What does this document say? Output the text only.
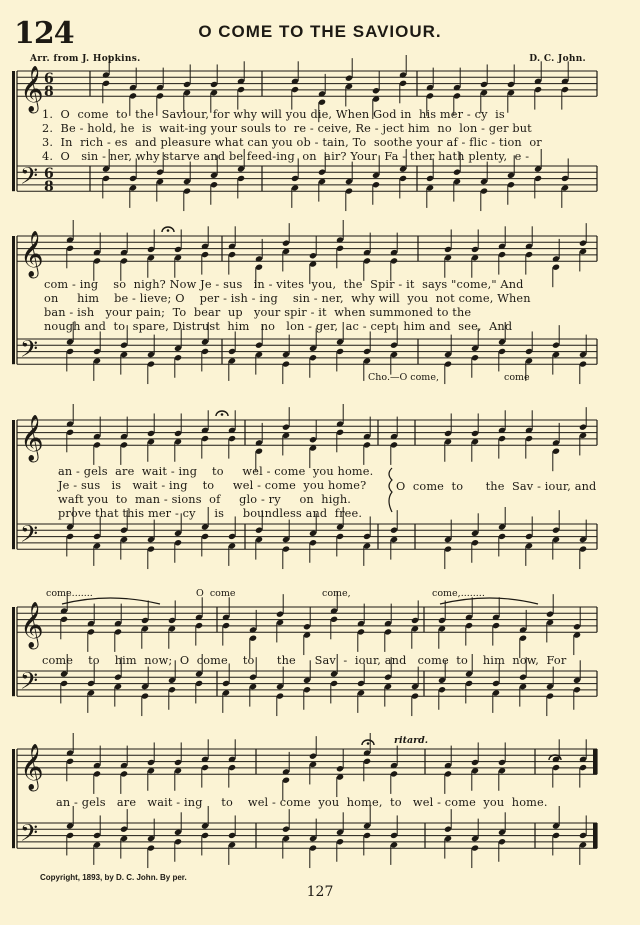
124	O COME TO THE SAVIOUR.
Arr. from J. Hopkins.	D. C. John.
𝄞
𝄢
6
8
6
8
𝄞
𝄢
𝄞
𝄢
𝄞
𝄢
𝄞
𝄢
1.  O  come  to  the  Saviour, for why will you die, When God in  his mer - cy  is
2.  Be - hold, he  is  wait-ing your souls to  re - ceive, Re - ject him  no  lon - ger but
3.  In  rich - es  and pleasure what can you ob - tain, To  soothe your af - flic - tion  or
4.  O   sin - ner, why starve and be feed-ing  on  air? Your  Fa - ther hath plenty,  e -
com - ing    so  nigh? Now Je - sus   in - vites  you,  the  Spir - it  says "come," And
on     him    be - lieve; O    per - ish - ing    sin - ner,  why will  you  not come, When
ban - ish   your pain;  To  bear  up   your spir - it  when summoned to the
nough and  to  spare, Distrust  him   no   lon - ger,  ac - cept  him and  see,  And
Cho.—O come,	come
an - gels  are  wait - ing    to     wel - come  you home.
Je - sus   is   wait - ing    to     wel - come  you home?
waft you  to  man - sions  of     glo - ry     on  high.
prove that this mer - cy     is     boundless and  free.
O  come  to      the  Sav - iour, and
come.......	O  come	come,	come,........
come    to    him  now;  O  come    to      the     Sav  -  iour, and   come  to    him  now,  For
ritard.
an - gels   are   wait - ing     to    wel - come  you  home,  to   wel - come  you  home.
Copyright, 1893, by D. C. John. By per.
127
